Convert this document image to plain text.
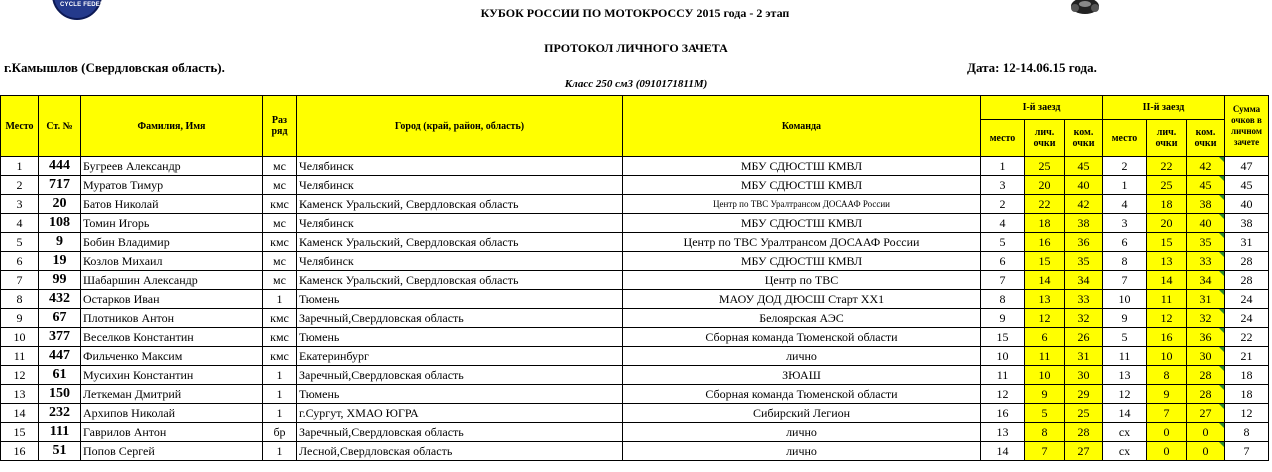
CYCLE FEDERATION OF
КУБОК РОССИИ ПО МОТОКРОССУ 2015 года - 2 этап
ПРОТОКОЛ ЛИЧНОГО ЗАЧЕТА
г.Камышлов (Свердловская область).	Дата: 12-14.06.15 года.
Класс 250 см3 (0910171811М)
Место	Ст. №	Фамилия, Имя	Раз ряд	Город (край, район, область)	Команда	I-й заезд			II-й заезд			Сумма очков в личном зачете
						место	лич. очки	ком. очки	место	лич. очки	ком. очки	
1	444	Бугреев Александр	мс	Челябинск	МБУ СДЮСТШ КМВЛ	1	25	45	2	22	42	47
2	717	Муратов Тимур	мс	Челябинск	МБУ СДЮСТШ КМВЛ	3	20	40	1	25	45	45
3	20	Батов Николай	кмс	Каменск Уральский, Свердловская область	Центр по ТВС Уралтрансом ДОСААФ России	2	22	42	4	18	38	40
4	108	Томин Игорь	мс	Челябинск	МБУ СДЮСТШ КМВЛ	4	18	38	3	20	40	38
5	9	Бобин Владимир	кмс	Каменск Уральский, Свердловская область	Центр по ТВС Уралтрансом ДОСААФ России	5	16	36	6	15	35	31
6	19	Козлов Михаил	мс	Челябинск	МБУ СДЮСТШ КМВЛ	6	15	35	8	13	33	28
7	99	Шабаршин Александр	мс	Каменск Уральский, Свердловская область	Центр по ТВС	7	14	34	7	14	34	28
8	432	Остарков Иван	1	Тюмень	МАОУ ДОД ДЮСШ Старт ХХ1	8	13	33	10	11	31	24
9	67	Плотников Антон	кмс	Заречный,Свердловская область	Белоярская АЭС	9	12	32	9	12	32	24
10	377	Веселков Константин	кмс	Тюмень	Сборная команда Тюменской области	15	6	26	5	16	36	22
11	447	Фильченко Максим	кмс	Екатеринбург	лично	10	11	31	11	10	30	21
12	61	Мусихин Константин	1	Заречный,Свердловская область	ЗЮАШ	11	10	30	13	8	28	18
13	150	Леткеман Дмитрий	1	Тюмень	Сборная команда Тюменской области	12	9	29	12	9	28	18
14	232	Архипов Николай	1	г.Сургут, ХМАО ЮГРА	Сибирский Легион	16	5	25	14	7	27	12
15	111	Гаврилов Антон	бр	Заречный,Свердловская область	лично	13	8	28	сх	0	0	8
16	51	Попов Сергей	1	Лесной,Свердловская область	лично	14	7	27	сх	0	0	7
